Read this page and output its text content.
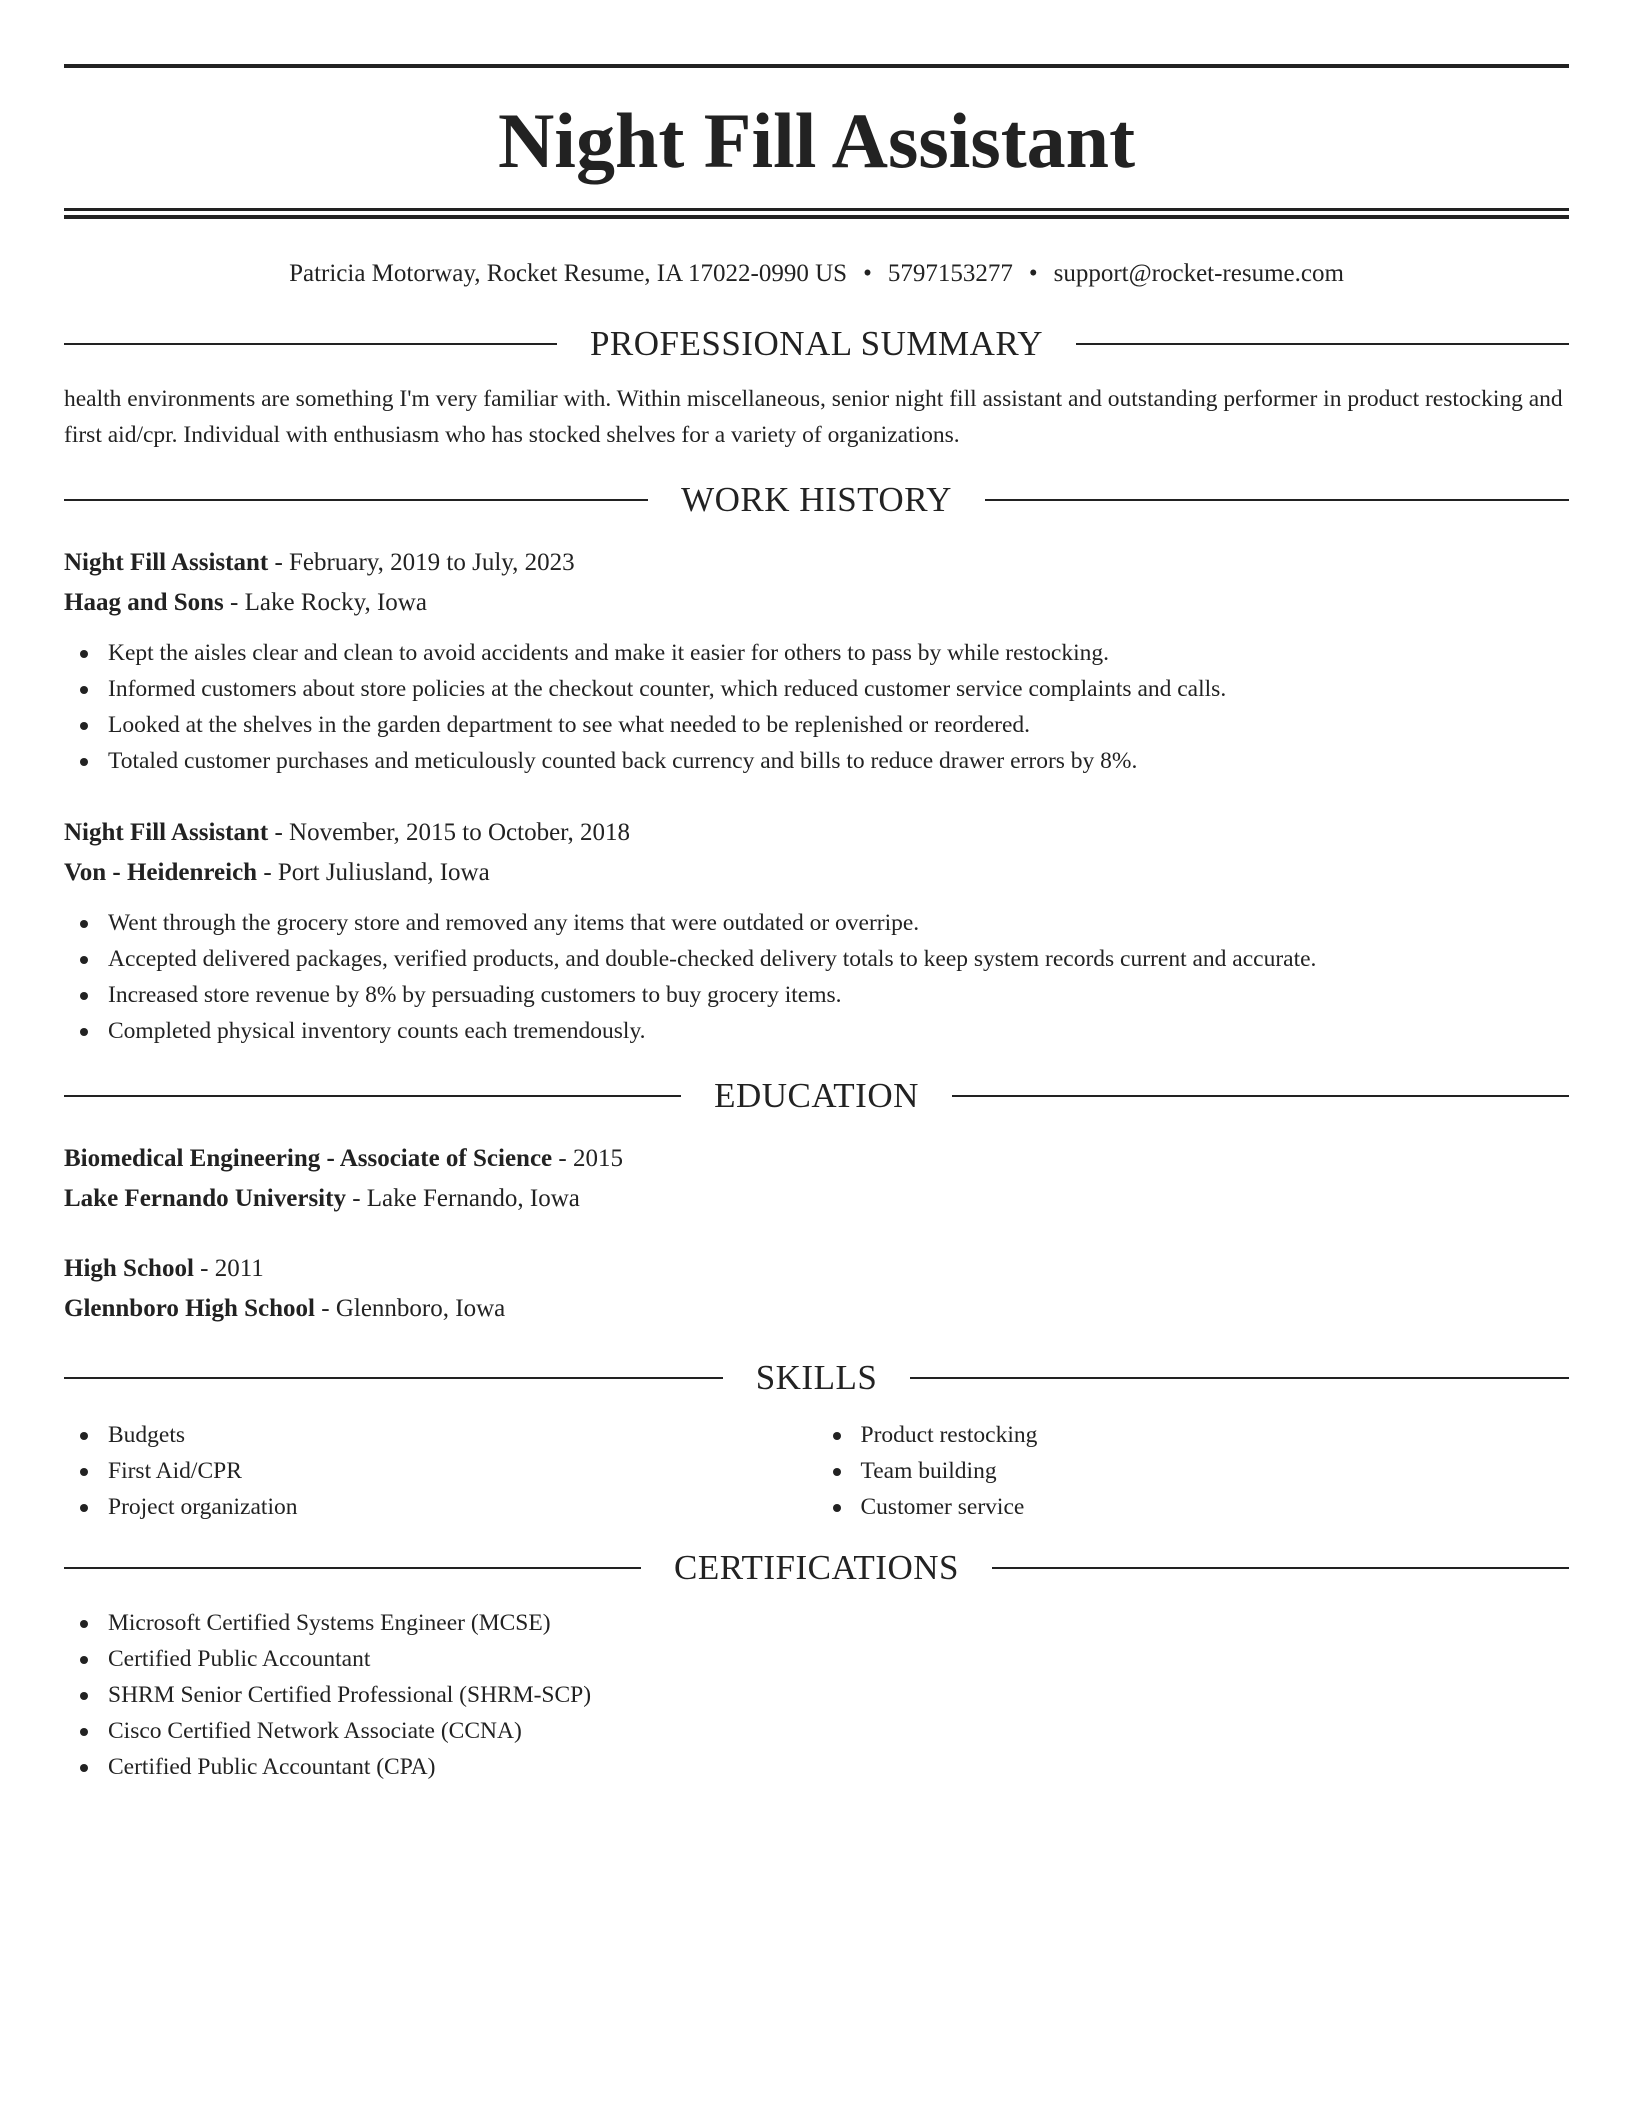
Night Fill Assistant
Patricia Motorway, Rocket Resume, IA 17022-0990 US • 5797153277 • support@rocket-resume.com
PROFESSIONAL SUMMARY

health environments are something I'm very familiar with. Within miscellaneous, senior night fill assistant and outstanding performer in product restocking and first aid/cpr. Individual with enthusiasm who has stocked shelves for a variety of organizations.

WORK HISTORY
Night Fill Assistant - February, 2019 to July, 2023
Haag and Sons - Lake Rocky, Iowa
Kept the aisles clear and clean to avoid accidents and make it easier for others to pass by while restocking.
Informed customers about store policies at the checkout counter, which reduced customer service complaints and calls.
Looked at the shelves in the garden department to see what needed to be replenished or reordered.
Totaled customer purchases and meticulously counted back currency and bills to reduce drawer errors by 8%.
Night Fill Assistant - November, 2015 to October, 2018
Von - Heidenreich - Port Juliusland, Iowa
Went through the grocery store and removed any items that were outdated or overripe.
Accepted delivered packages, verified products, and double-checked delivery totals to keep system records current and accurate.
Increased store revenue by 8% by persuading customers to buy grocery items.
Completed physical inventory counts each tremendously.
EDUCATION
Biomedical Engineering - Associate of Science - 2015
Lake Fernando University - Lake Fernando, Iowa
High School - 2011
Glennboro High School - Glennboro, Iowa
SKILLS
Budgets
First Aid/CPR
Project organization
Product restocking
Team building
Customer service
CERTIFICATIONS
Microsoft Certified Systems Engineer (MCSE)
Certified Public Accountant
SHRM Senior Certified Professional (SHRM-SCP)
Cisco Certified Network Associate (CCNA)
Certified Public Accountant (CPA)
